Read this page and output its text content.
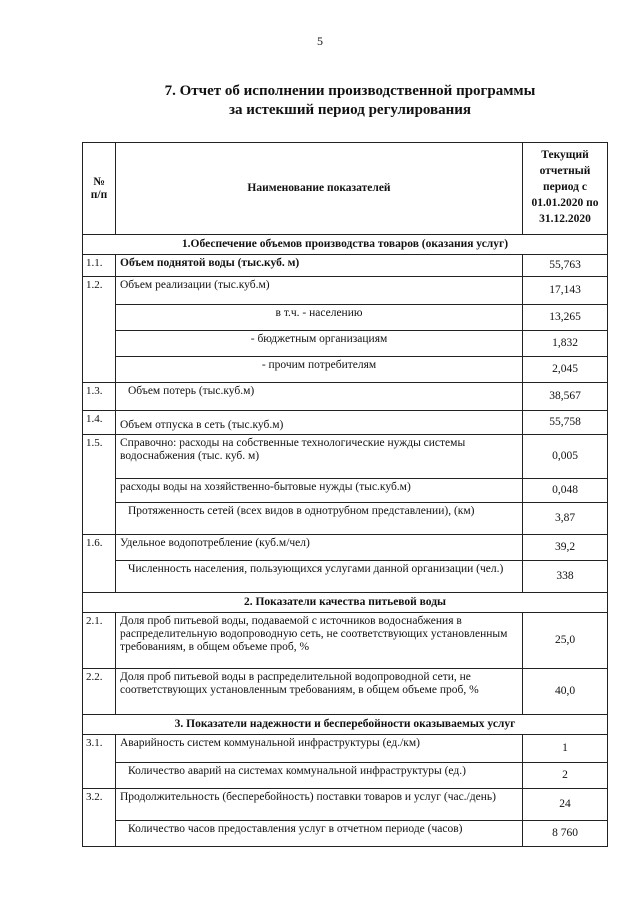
5
7. Отчет об исполнении производственной программы
за истекший период регулирования
№ п/п	Наименование показателей	Текущий отчетный период с 01.01.2020 по 31.12.2020
1.Обеспечение объемов производства товаров (оказания услуг)		
1.1.	Объем поднятой воды (тыс.куб. м)	55,763
1.2.	Объем реализации (тыс.куб.м)	17,143
	в т.ч. - населению	13,265
	- бюджетным организациям	1,832
	- прочим потребителям	2,045
1.3.	Объем потерь (тыс.куб.м)	38,567
1.4.	Объем отпуска в сеть (тыс.куб.м)	55,758
1.5.	Справочно: расходы на собственные технологические нужды системы водоснабжения (тыс. куб. м)	0,005
	расходы воды на хозяйственно-бытовые нужды (тыс.куб.м)	0,048
	Протяженность сетей (всех видов в однотрубном представлении), (км)	3,87
1.6.	Удельное водопотребление (куб.м/чел)	39,2
	Численность населения, пользующихся услугами данной организации (чел.)	338
2. Показатели качества питьевой воды		
2.1.	Доля проб питьевой воды, подаваемой с источников водоснабжения в распределительную водопроводную сеть, не соответствующих установленным требованиям, в общем объеме проб, %	25,0
2.2.	Доля проб питьевой воды в распределительной водопроводной сети, не соответствующих установленным требованиям, в общем объеме проб, %	40,0
3. Показатели надежности и бесперебойности оказываемых услуг		
3.1.	Аварийность систем коммунальной инфраструктуры (ед./км)	1
	Количество аварий на системах коммунальной инфраструктуры (ед.)	2
3.2.	Продолжительность (бесперебойность) поставки товаров и услуг (час./день)	24
	Количество часов предоставления услуг в отчетном периоде (часов)	8 760
